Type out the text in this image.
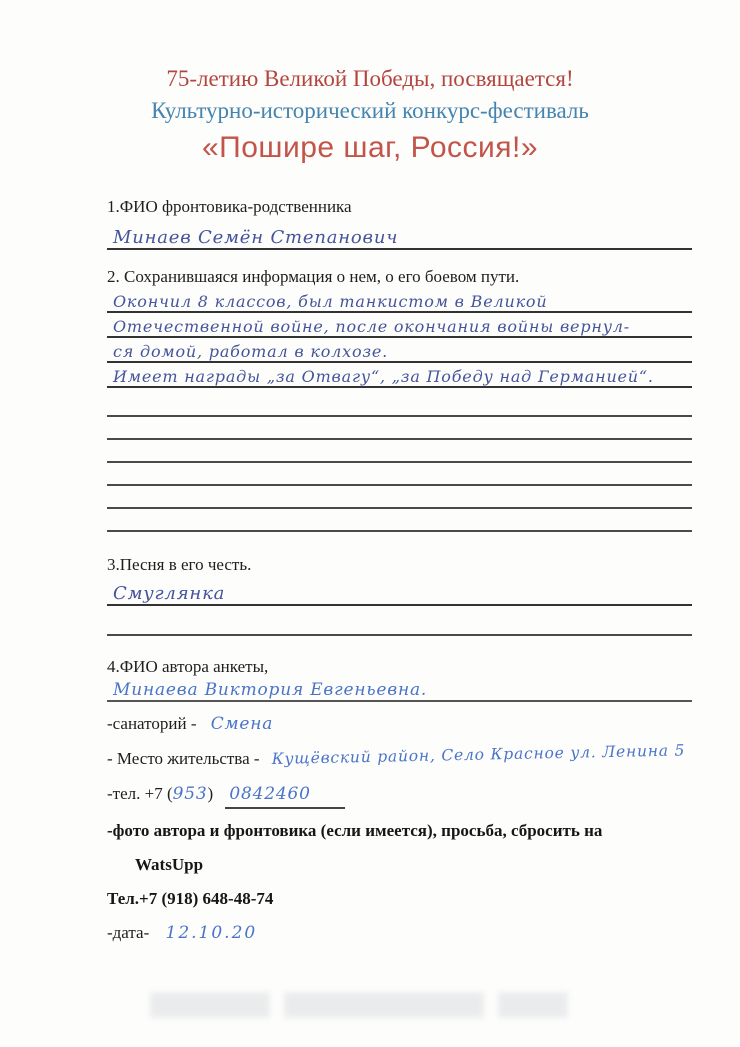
75-летию Великой Победы, посвящается!
Культурно-исторический конкурс-фестиваль
«Пошире шаг, Россия!»
1.ФИО фронтовика-родственника
Минаев Семён Степанович
2. Сохранившаяся информация о нем, о его боевом пути.
Окончил 8 классов, был танкистом в Великой
Отечественной войне, после окончания войны вернул-
ся домой, работал в колхозе.
Имеет награды „за Отвагу“, „за Победу над Германией“.
3.Песня в его честь.
Смуглянка
4.ФИО автора анкеты,
Минаева Виктория Евгеньевна.
-санаторий - Смена
- Место жительства - Кущёвский район, Село Красное ул. Ленина 5
-тел. +7 (953) 0842460
-фото автора и фронтовика (если имеется), просьба, сбросить на
WatsUpp
Тел.+7 (918) 648-48-74
-дата- 12.10.20
